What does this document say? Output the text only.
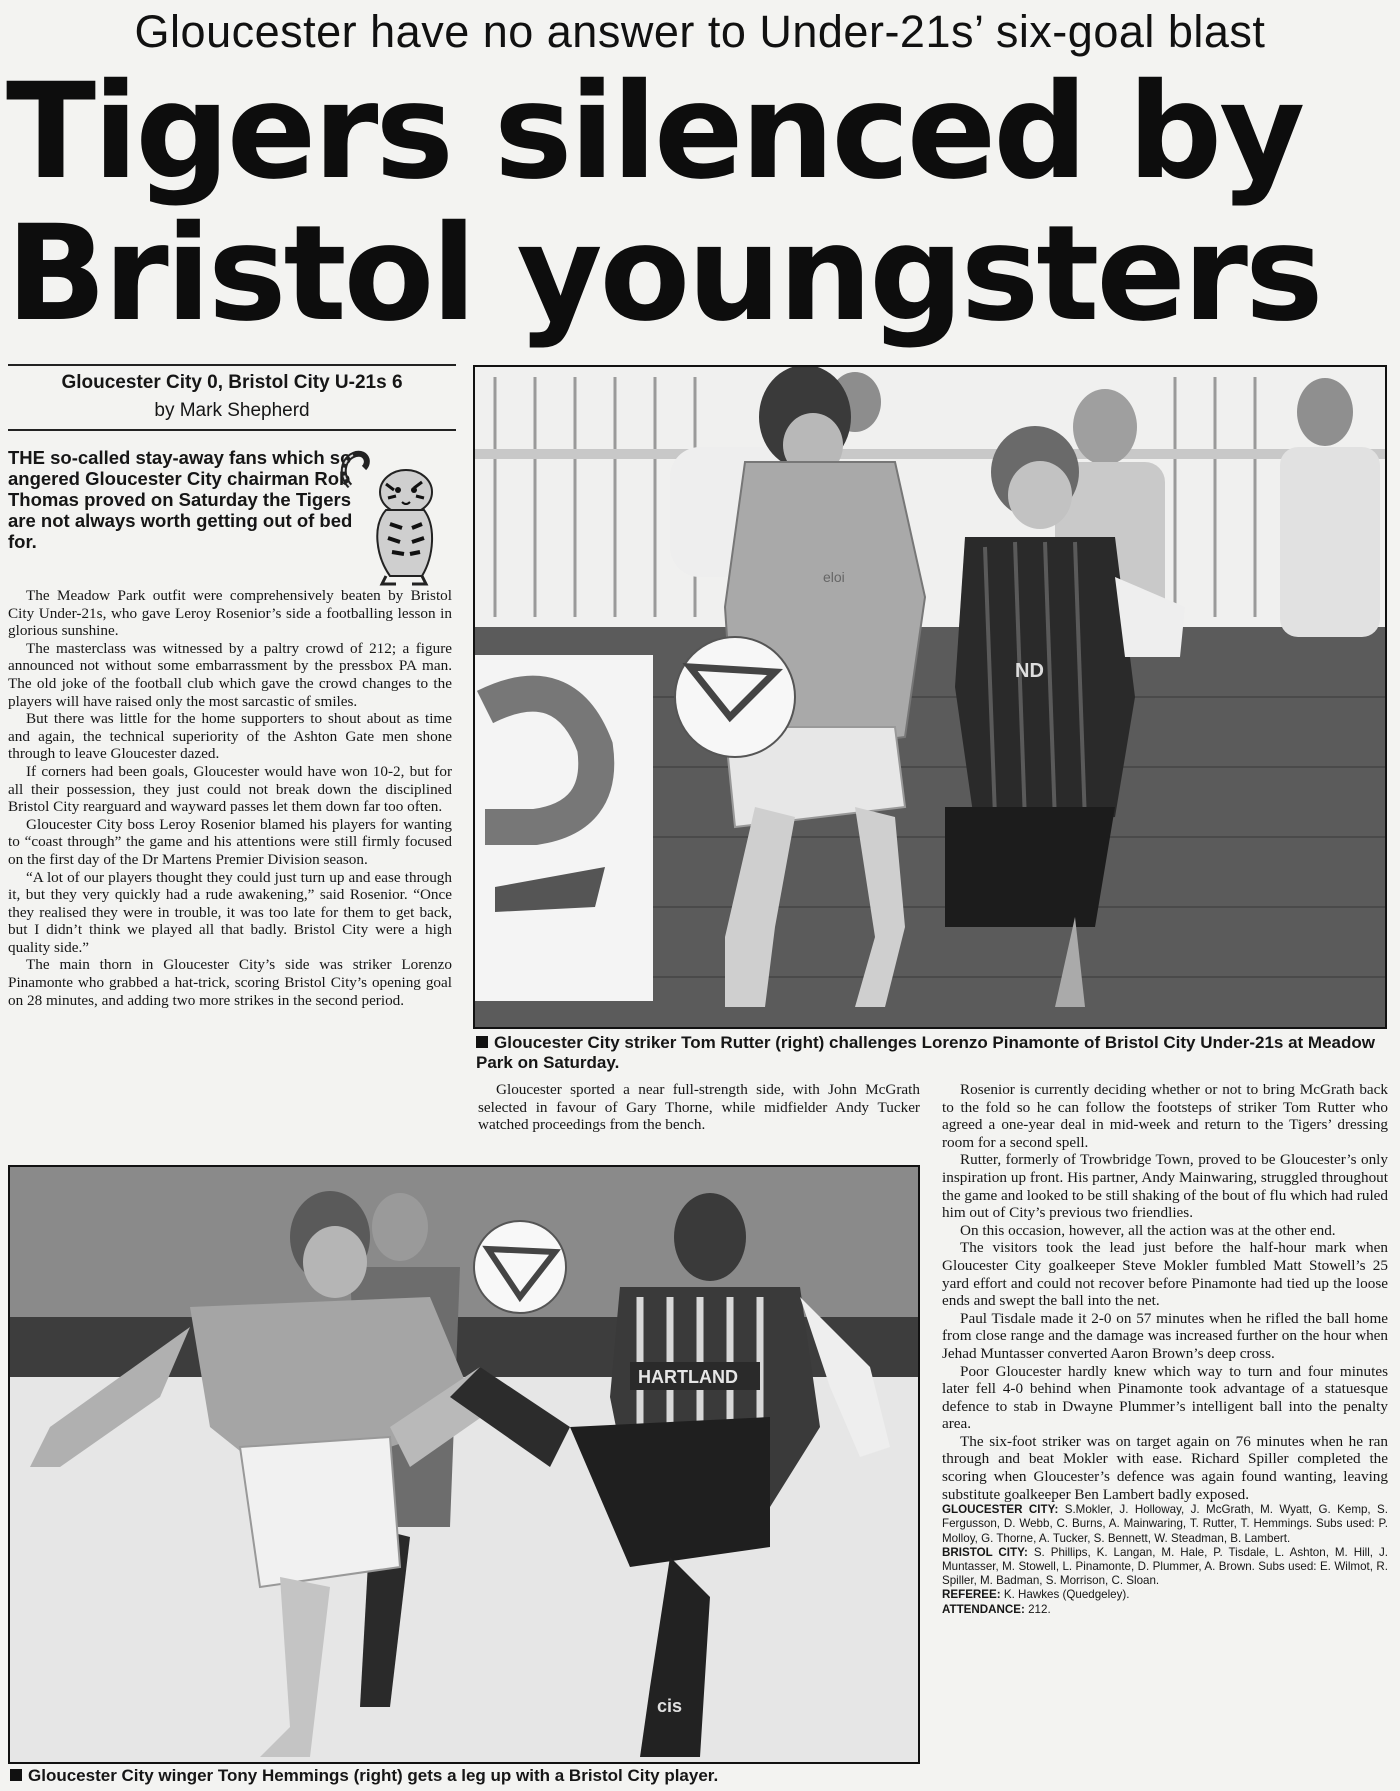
Gloucester have no answer to Under-21s’ six-goal blast
Tigers silenced by
Bristol youngsters
Gloucester City 0, Bristol City U-21s 6
by Mark Shepherd
THE so-called stay-away fans which so angered Gloucester City chairman Rob Thomas proved on Saturday the Tigers are not always worth getting out of bed for.

The Meadow Park outfit were comprehensively beaten by Bristol City Under-21s, who gave Leroy Rosenior’s side a footballing lesson in glorious sunshine.

The masterclass was witnessed by a paltry crowd of 212; a figure announced not without some embarrassment by the pressbox PA man. The old joke of the football club which gave the crowd changes to the players will have raised only the most sarcastic of smiles.

But there was little for the home supporters to shout about as time and again, the technical superiority of the Ashton Gate men shone through to leave Gloucester dazed.

If corners had been goals, Gloucester would have won 10-2, but for all their possession, they just could not break down the disciplined Bristol City rearguard and wayward passes let them down far too often.

Gloucester City boss Leroy Rosenior blamed his players for wanting to “coast through” the game and his attentions were still firmly focused on the first day of the Dr Martens Premier Division season.

“A lot of our players thought they could just turn up and ease through it, but they very quickly had a rude awakening,” said Rosenior. “Once they realised they were in trouble, it was too late for them to get back, but I didn’t think we played all that badly. Bristol City were a high quality side.”

The main thorn in Gloucester City’s side was striker Lorenzo Pinamonte who grabbed a hat-trick, scoring Bristol City’s opening goal on 28 minutes, and adding two more strikes in the second period.

ND
eloi
Gloucester City striker Tom Rutter (right) challenges Lorenzo Pinamonte of Bristol City Under-21s at Meadow Park on Saturday.

Gloucester sported a near full-strength side, with John McGrath selected in favour of Gary Thorne, while midfielder Andy Tucker watched proceedings from the bench.

Rosenior is currently deciding whether or not to bring McGrath back to the fold so he can follow the footsteps of striker Tom Rutter who agreed a one-year deal in mid-week and return to the Tigers’ dressing room for a second spell.

Rutter, formerly of Trowbridge Town, proved to be Gloucester’s only inspiration up front. His partner, Andy Mainwaring, struggled throughout the game and looked to be still shaking of the bout of flu which had ruled him out of City’s previous two friendlies.

On this occasion, however, all the action was at the other end.

The visitors took the lead just before the half-hour mark when Gloucester City goalkeeper Steve Mokler fumbled Matt Stowell’s 25 yard effort and could not recover before Pinamonte had tied up the loose ends and swept the ball into the net.

Paul Tisdale made it 2-0 on 57 minutes when he rifled the ball home from close range and the damage was increased further on the hour when Jehad Muntasser converted Aaron Brown’s deep cross.

Poor Gloucester hardly knew which way to turn and four minutes later fell 4-0 behind when Pinamonte took advantage of a statuesque defence to stab in Dwayne Plummer’s intelligent ball into the penalty area.

The six-foot striker was on target again on 76 minutes when he ran through and beat Mokler with ease. Richard Spiller completed the scoring when Gloucester’s defence was again found wanting, leaving substitute goalkeeper Ben Lambert badly exposed.

GLOUCESTER CITY: S.Mokler, J. Holloway, J. McGrath, M. Wyatt, G. Kemp, S. Fergusson, D. Webb, C. Burns, A. Mainwaring, T. Rutter, T. Hemmings. Subs used: P. Molloy, G. Thorne, A. Tucker, S. Bennett, W. Steadman, B. Lambert.
BRISTOL CITY: S. Phillips, K. Langan, M. Hale, P. Tisdale, L. Ashton, M. Hill, J. Muntasser, M. Stowell, L. Pinamonte, D. Plummer, A. Brown. Subs used: E. Wilmot, R. Spiller, M. Badman, S. Morrison, C. Sloan.
REFEREE: K. Hawkes (Quedgeley).
ATTENDANCE: 212.
HARTLAND
cis
Gloucester City winger Tony Hemmings (right) gets a leg up with a Bristol City player.
